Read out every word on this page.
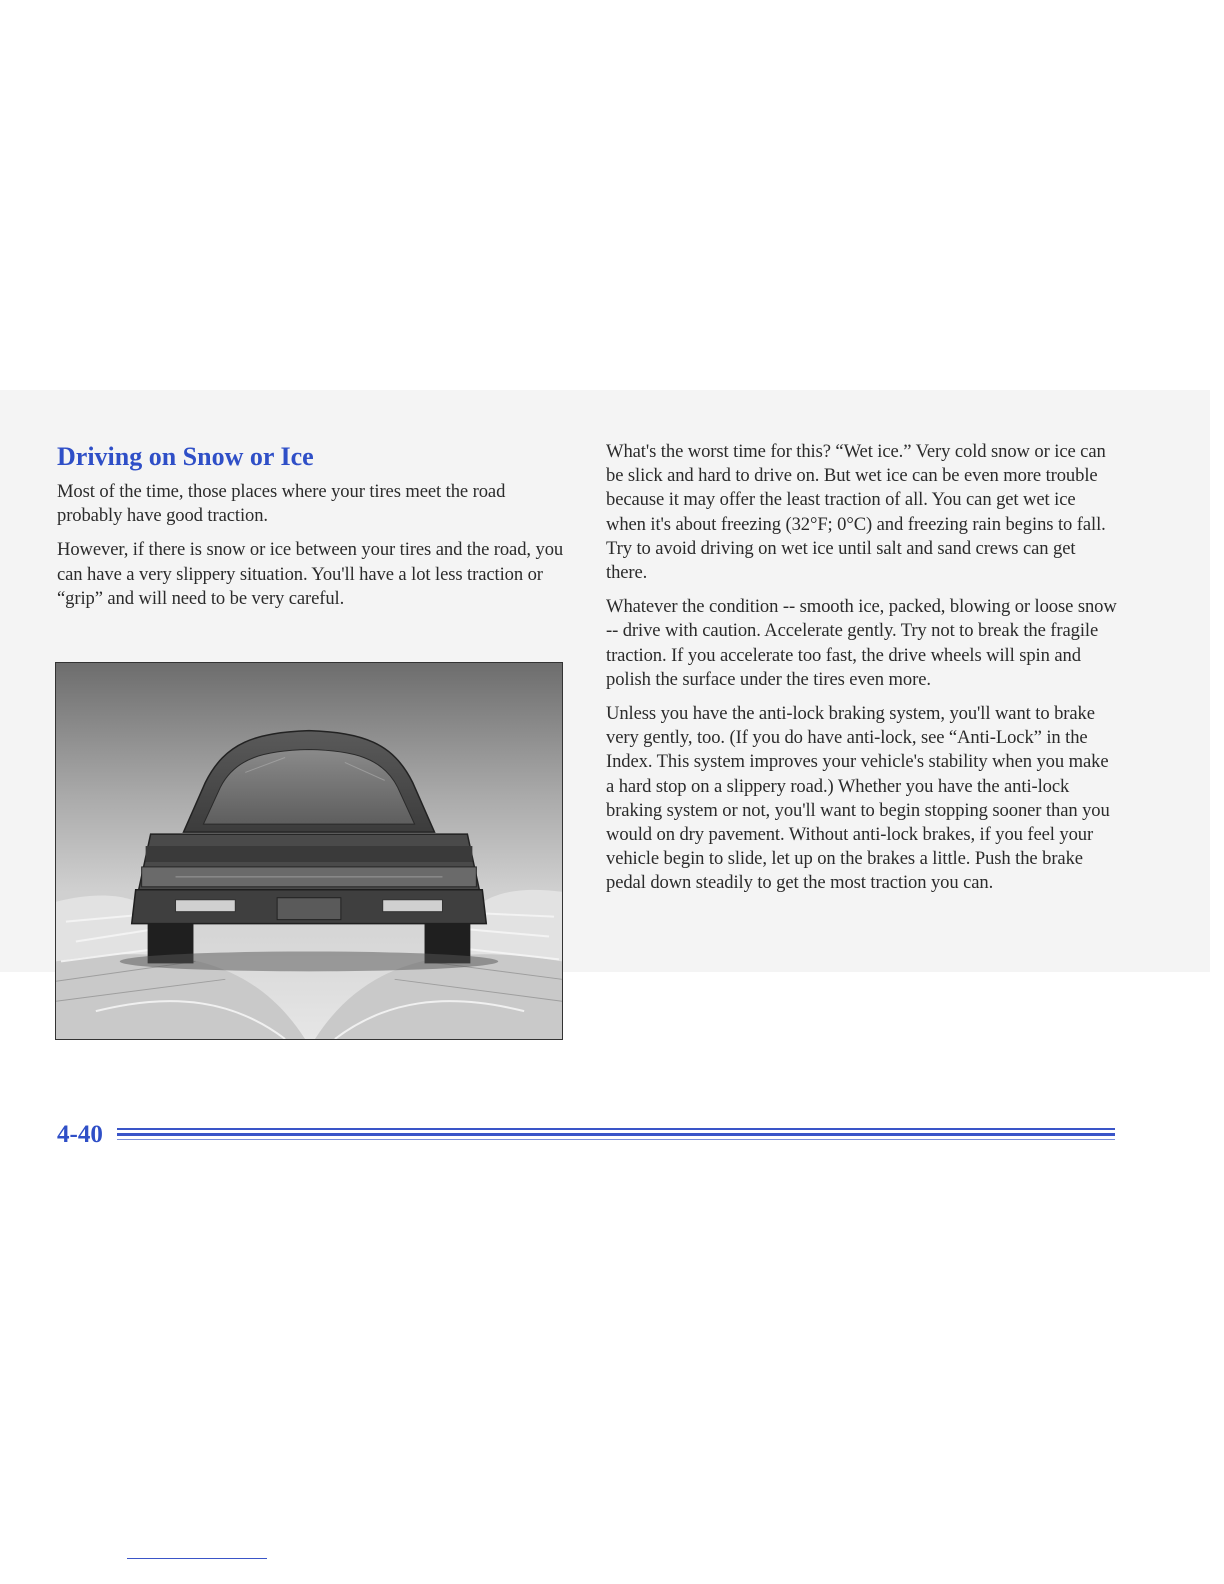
Driving on Snow or Ice

Most of the time, those places where your tires meet the road probably have good traction.

However, if there is snow or ice between your tires and the road, you can have a very slippery situation. You'll have a lot less traction or “grip” and will need to be very careful.

What's the worst time for this? “Wet ice.” Very cold snow or ice can be slick and hard to drive on. But wet ice can be even more trouble because it may offer the least traction of all. You can get wet ice when it's about freezing (32°F; 0°C) and freezing rain begins to fall. Try to avoid driving on wet ice until salt and sand crews can get there.

Whatever the condition -- smooth ice, packed, blowing or loose snow -- drive with caution. Accelerate gently. Try not to break the fragile traction. If you accelerate too fast, the drive wheels will spin and polish the surface under the tires even more.

Unless you have the anti-lock braking system, you'll want to brake very gently, too. (If you do have anti-lock, see “Anti-Lock” in the Index. This system improves your vehicle's stability when you make a hard stop on a slippery road.) Whether you have the anti-lock braking system or not, you'll want to begin stopping sooner than you would on dry pavement. Without anti-lock brakes, if you feel your vehicle begin to slide, let up on the brakes a little. Push the brake pedal down steadily to get the most traction you can.

4-40
